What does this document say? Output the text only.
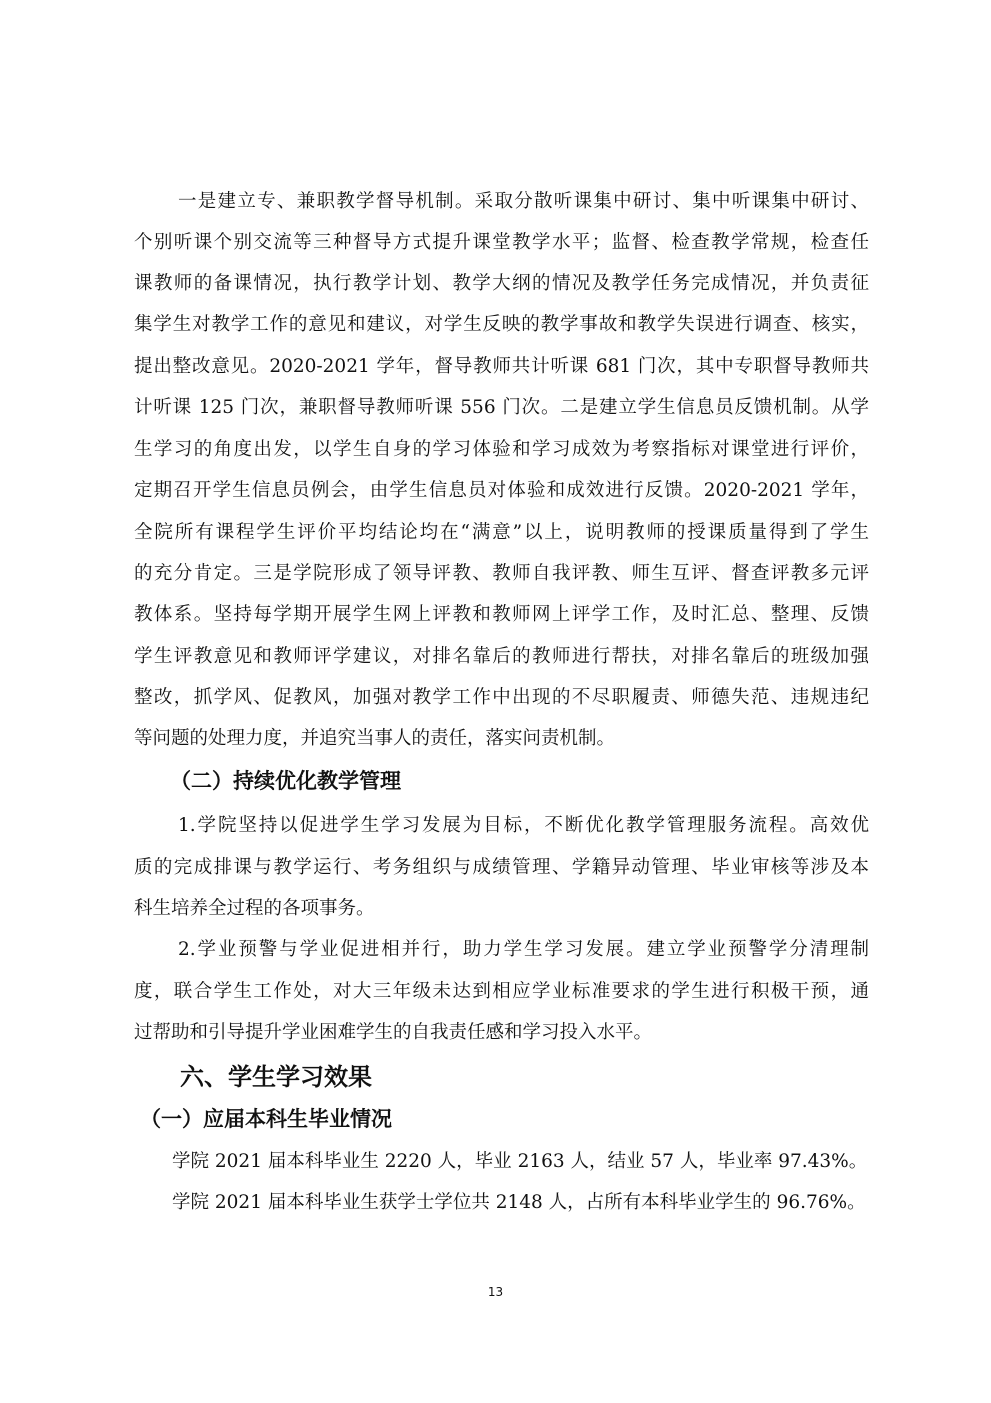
一是建立专、兼职教学督导机制。采取分散听课集中研讨、集中听课集中研讨、
个别听课个别交流等三种督导方式提升课堂教学水平；监督、检查教学常规，检查任
课教师的备课情况，执行教学计划、教学大纲的情况及教学任务完成情况，并负责征
集学生对教学工作的意见和建议，对学生反映的教学事故和教学失误进行调查、核实，
提出整改意见。2020-2021 学年，督导教师共计听课 681 门次，其中专职督导教师共
计听课 125 门次，兼职督导教师听课 556 门次。二是建立学生信息员反馈机制。从学
生学习的角度出发，以学生自身的学习体验和学习成效为考察指标对课堂进行评价，
定期召开学生信息员例会，由学生信息员对体验和成效进行反馈。2020-2021 学年，
全院所有课程学生评价平均结论均在“满意”以上，说明教师的授课质量得到了学生
的充分肯定。三是学院形成了领导评教、教师自我评教、师生互评、督查评教多元评
教体系。坚持每学期开展学生网上评教和教师网上评学工作，及时汇总、整理、反馈
学生评教意见和教师评学建议，对排名靠后的教师进行帮扶，对排名靠后的班级加强
整改，抓学风、促教风，加强对教学工作中出现的不尽职履责、师德失范、违规违纪
等问题的处理力度，并追究当事人的责任，落实问责机制。
（二）持续优化教学管理
1.学院坚持以促进学生学习发展为目标，不断优化教学管理服务流程。高效优
质的完成排课与教学运行、考务组织与成绩管理、学籍异动管理、毕业审核等涉及本
科生培养全过程的各项事务。
2.学业预警与学业促进相并行，助力学生学习发展。建立学业预警学分清理制
度，联合学生工作处，对大三年级未达到相应学业标准要求的学生进行积极干预，通
过帮助和引导提升学业困难学生的自我责任感和学习投入水平。
六、学生学习效果
（一）应届本科生毕业情况
学院 2021 届本科毕业生 2220 人，毕业 2163 人，结业 57 人，毕业率 97.43%。
学院 2021 届本科毕业生获学士学位共 2148 人，占所有本科毕业学生的 96.76%。
13
